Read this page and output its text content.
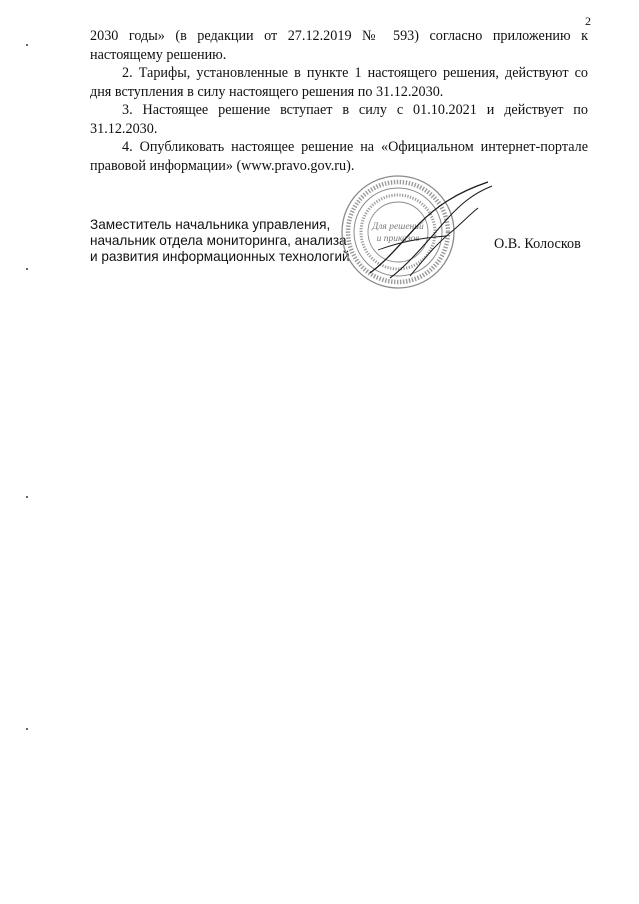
2

2030 годы» (в редакции от 27.12.2019 № 593) согласно приложению к настоящему решению.

2. Тарифы, установленные в пункте 1 настоящего решения, действуют со дня вступления в силу настоящего решения по 31.12.2030.

3. Настоящее решение вступает в силу с 01.10.2021 и действует по 31.12.2030.

4. Опубликовать настоящее решение на «Официальном интернет-портале правовой информации» (www.pravo.gov.ru).

Заместитель начальника управления,
начальник отдела мониторинга, анализа
и развития информационных технологий
Для решений
и приказов	О.В. Колосков
